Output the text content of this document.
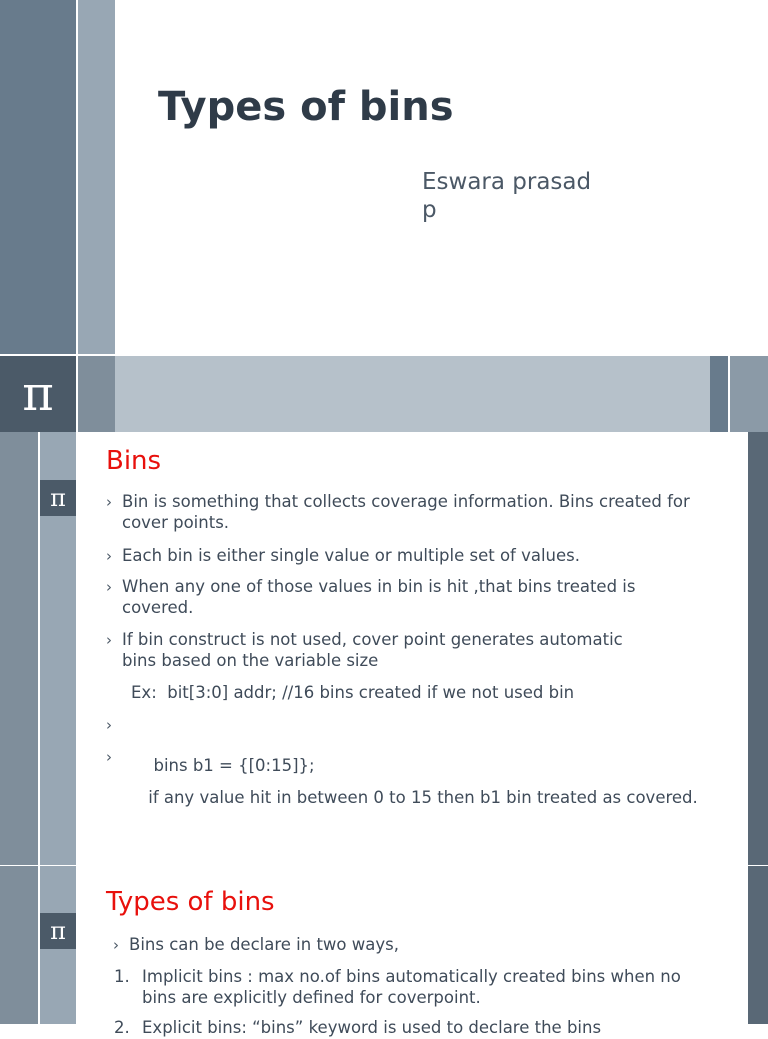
π
Types of bins
Eswara prasad
p
π
Bins
› Bin is something that collects coverage information. Bins created for cover points.
› Each bin is either single value or multiple set of values.
› When any one of those values in bin is hit ,that bins treated is covered.
› If bin construct is not used, cover point generates automatic bins based on the variable size
Ex:  bit[3:0] addr; //16 bins created if we not used bin

›

bins b1 = {[0:15]};

›

if any value hit in between 0 to 15 then b1 bin treated as covered.

π
Types of bins
› Bins can be declare in two ways,
1. Implicit bins : max no.of bins automatically created bins when no bins are explicitly defined for coverpoint.
2. Explicit bins: “bins” keyword is used to declare the bins
